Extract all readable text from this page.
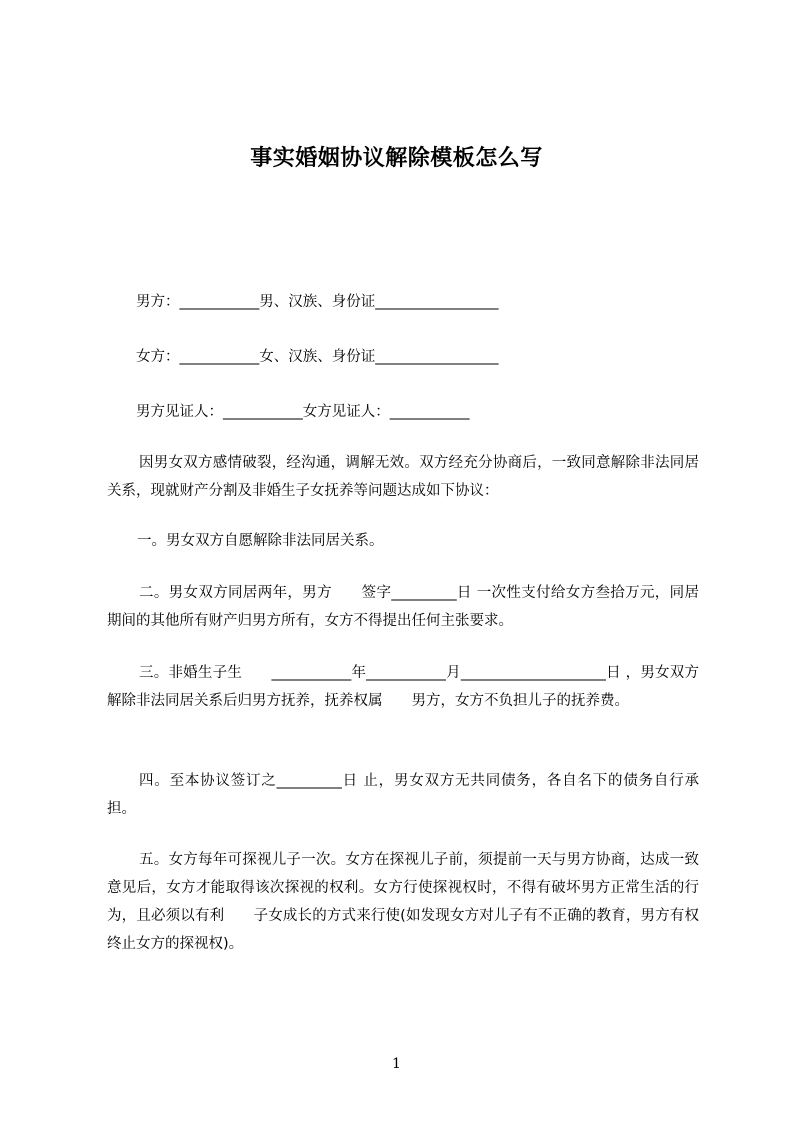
事实婚姻协议解除模板怎么写
男方：___________男、汉族、身份证_________________
女方：___________女、汉族、身份证_________________
男方见证人：___________女方见证人：___________

因男女双方感情破裂，经沟通，调解无效。双方经充分协商后，一致同意解除非法同居关系，现就财产分割及非婚生子女抚养等问题达成如下协议：

一。男女双方自愿解除非法同居关系。

二。男女双方同居两年，男方　　签字_________日 一次性支付给女方叁拾万元，同居期间的其他所有财产归男方所有，女方不得提出任何主张要求。

三。非婚生子生　　___________年___________月____________________日 ，男女双方解除非法同居关系后归男方抚养，抚养权属　　男方，女方不负担儿子的抚养费。

四。至本协议签订之_________日 止，男女双方无共同债务，各自名下的债务自行承担。

五。女方每年可探视儿子一次。女方在探视儿子前，须提前一天与男方协商，达成一致意见后，女方才能取得该次探视的权利。女方行使探视权时，不得有破坏男方正常生活的行为，且必须以有利　　子女成长的方式来行使(如发现女方对儿子有不正确的教育，男方有权终止女方的探视权)。

1
